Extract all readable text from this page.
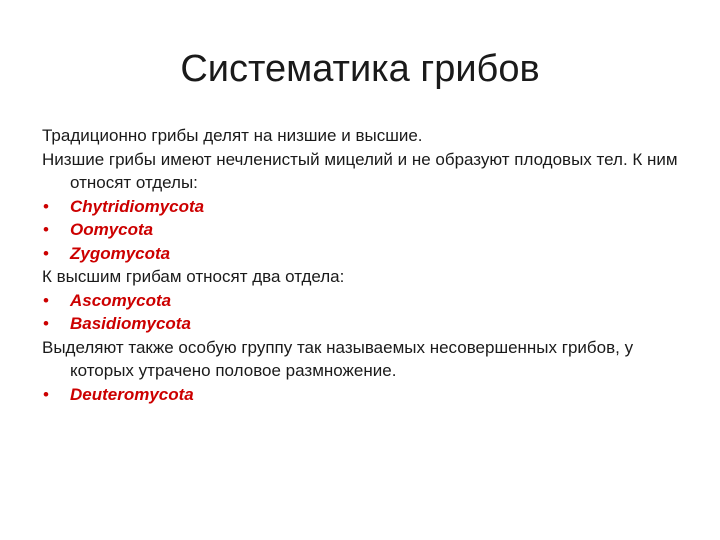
Систематика грибов

Традиционно грибы делят на низшие и высшие.

Низшие грибы имеют нечленистый мицелий и не образуют плодовых тел. К ним относят отделы:

• Chytridiomycota

• Oomycota

• Zygomycota

К высшим грибам относят два отдела:

• Ascomycota

• Basidiomycota

Выделяют также особую группу так называемых несовершенных грибов, у которых утрачено половое размножение.

• Deuteromycota
